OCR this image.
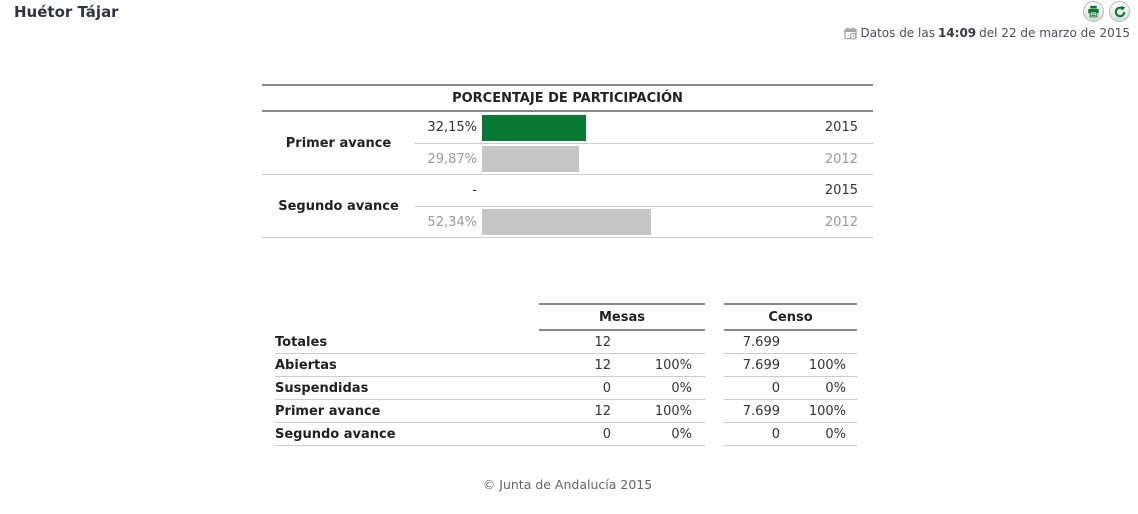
Huétor Tájar
Datos de las 14:09 del 22 de marzo de 2015
PORCENTAJE DE PARTICIPACIÓN
Primer avance
32,15%	2015
29,87%	2012
Segundo avance
-	2015
52,34%	2012
Mesas	Censo
Totales	12	7.699
Abiertas	12	100%	7.699	100%
Suspendidas	0	0%	0	0%
Primer avance	12	100%	7.699	100%
Segundo avance	0	0%	0	0%
© Junta de Andalucía 2015
